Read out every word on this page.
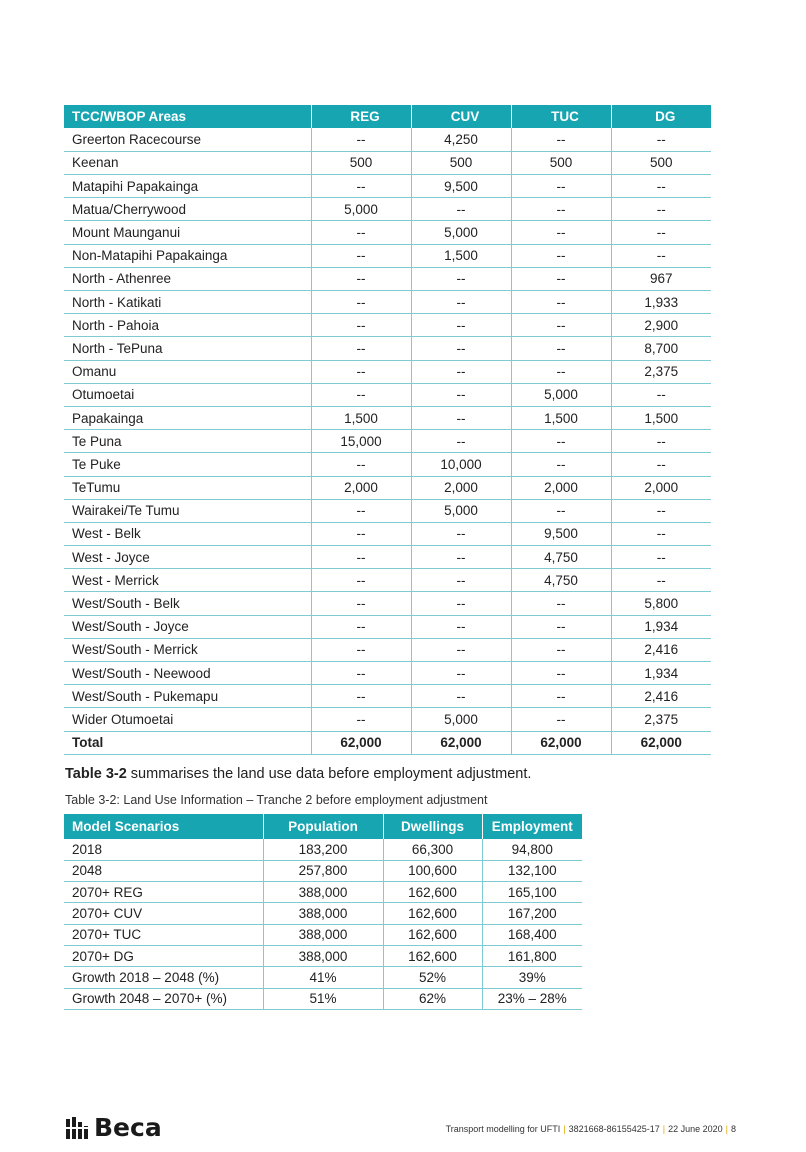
TCC/WBOP Areas	REG	CUV	TUC	DG
Greerton Racecourse	--	4,250	--	--
Keenan	500	500	500	500
Matapihi Papakainga	--	9,500	--	--
Matua/Cherrywood	5,000	--	--	--
Mount Maunganui	--	5,000	--	--
Non-Matapihi Papakainga	--	1,500	--	--
North - Athenree	--	--	--	967
North - Katikati	--	--	--	1,933
North - Pahoia	--	--	--	2,900
North - TePuna	--	--	--	8,700
Omanu	--	--	--	2,375
Otumoetai	--	--	5,000	--
Papakainga	1,500	--	1,500	1,500
Te Puna	15,000	--	--	--
Te Puke	--	10,000	--	--
TeTumu	2,000	2,000	2,000	2,000
Wairakei/Te Tumu	--	5,000	--	--
West - Belk	--	--	9,500	--
West - Joyce	--	--	4,750	--
West - Merrick	--	--	4,750	--
West/South - Belk	--	--	--	5,800
West/South - Joyce	--	--	--	1,934
West/South - Merrick	--	--	--	2,416
West/South - Neewood	--	--	--	1,934
West/South - Pukemapu	--	--	--	2,416
Wider Otumoetai	--	5,000	--	2,375
Total	62,000	62,000	62,000	62,000
Table 3-2 summarises the land use data before employment adjustment.
Table 3-2: Land Use Information – Tranche 2 before employment adjustment
Model Scenarios	Population	Dwellings	Employment
2018	183,200	66,300	94,800
2048	257,800	100,600	132,100
2070+ REG	388,000	162,600	165,100
2070+ CUV	388,000	162,600	167,200
2070+ TUC	388,000	162,600	168,400
2070+ DG	388,000	162,600	161,800
Growth 2018 – 2048 (%)	41%	52%	39%
Growth 2048 – 2070+ (%)	51%	62%	23% – 28%
Beca	Transport modelling for UFTI | 3821668-86155425-17 | 22 June 2020 | 8
